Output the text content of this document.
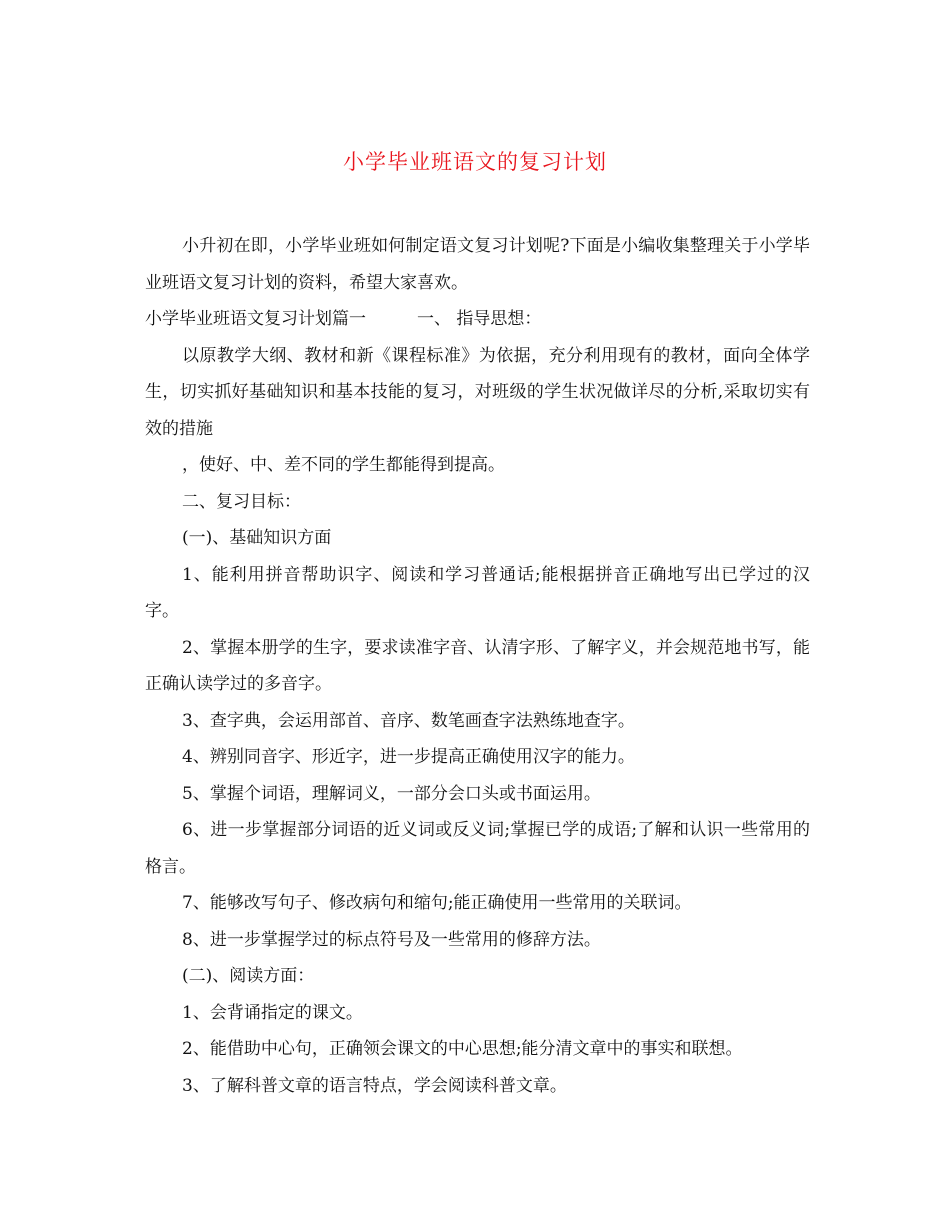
小学毕业班语文的复习计划

小升初在即，小学毕业班如何制定语文复习计划呢?下面是小编收集整理关于小学毕业班语文复习计划的资料，希望大家喜欢。

小学毕业班语文复习计划篇一　　　一、 指导思想：

以原教学大纲、教材和新《课程标准》为依据，充分利用现有的教材，面向全体学生，切实抓好基础知识和基本技能的复习，对班级的学生状况做详尽的分析,采取切实有效的措施

，使好、中、差不同的学生都能得到提高。

二、复习目标：

(一)、基础知识方面

1、能利用拼音帮助识字、阅读和学习普通话;能根据拼音正确地写出已学过的汉字。

2、掌握本册学的生字，要求读准字音、认清字形、了解字义，并会规范地书写，能正确认读学过的多音字。

3、查字典，会运用部首、音序、数笔画查字法熟练地查字。

4、辨别同音字、形近字，进一步提高正确使用汉字的能力。

5、掌握个词语，理解词义，一部分会口头或书面运用。

6、进一步掌握部分词语的近义词或反义词;掌握已学的成语;了解和认识一些常用的格言。

7、能够改写句子、修改病句和缩句;能正确使用一些常用的关联词。

8、进一步掌握学过的标点符号及一些常用的修辞方法。

(二)、阅读方面：

1、会背诵指定的课文。

2、能借助中心句，正确领会课文的中心思想;能分清文章中的事实和联想。

3、了解科普文章的语言特点，学会阅读科普文章。
